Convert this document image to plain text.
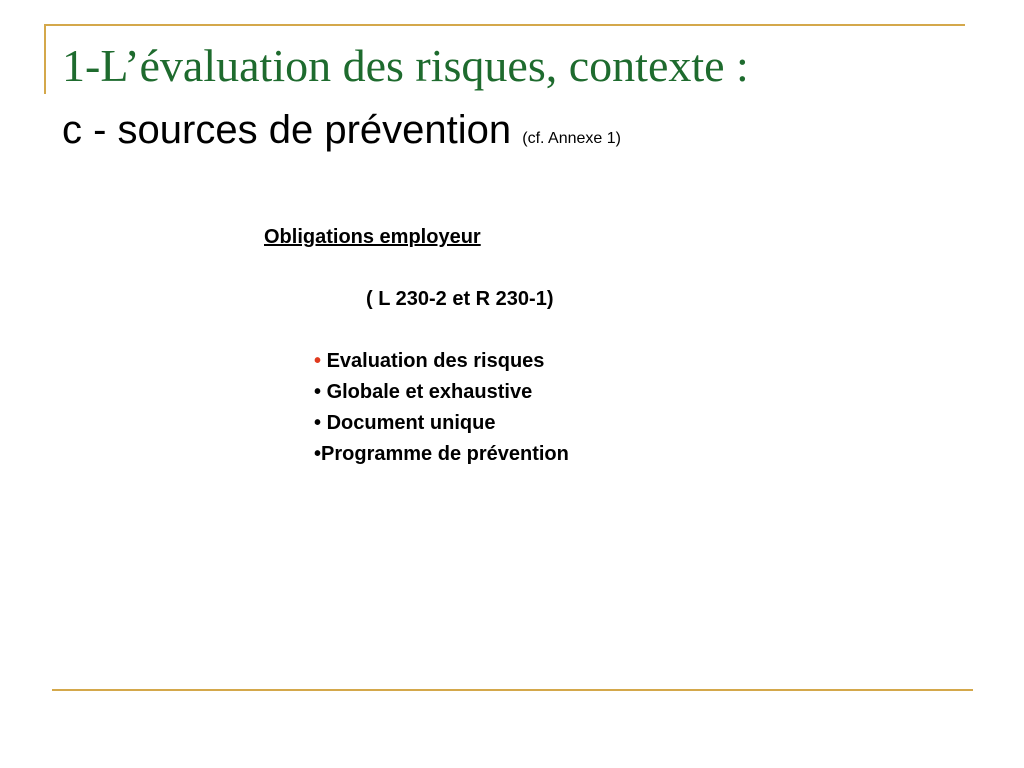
1-L’évaluation des risques, contexte :
c - sources de prévention (cf. Annexe 1)
Obligations employeur
( L 230-2 et R 230-1)
• Evaluation des risques
• Globale et exhaustive
• Document unique
•Programme de prévention
